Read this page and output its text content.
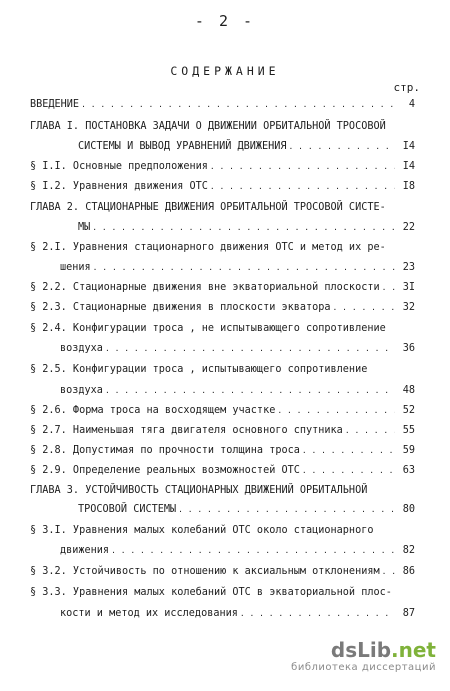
- 2 -
СОДЕРЖАНИЕ
стр.
ВВЕДЕНИЕ . . .	4
ГЛАВА I. ПОСТАНОВКА ЗАДАЧИ О ДВИЖЕНИИ ОРБИТАЛЬНОЙ ТРОСОВОЙ
СИСТЕМЫ И ВЫВОД УРАВНЕНИЙ ДВИЖЕНИЯ . . .	I4
§ I.I. Основные предположения . . .	I4
§ I.2. Уравнения движения ОТС . . .	I8
ГЛАВА 2. СТАЦИОНАРНЫЕ ДВИЖЕНИЯ ОРБИТАЛЬНОЙ ТРОСОВОЙ СИСТЕ-
МЫ . . .	22
§ 2.I. Уравнения стационарного движения ОТС и метод их ре-
шения . . .	23
§ 2.2. Стационарные движения вне экваториальной плоскости . . .	3I
§ 2.3. Стационарные движения в плоскости экватора . . .	32
§ 2.4. Конфигурации троса , не испытывающего сопротивление
воздуха . . .	36
§ 2.5. Конфигурации троса , испытывающего сопротивление
воздуха . . .	48
§ 2.6. Форма троса на восходящем участке . . .	52
§ 2.7. Наименьшая тяга двигателя основного спутника . . .	55
§ 2.8. Допустимая по прочности толщина троса . . .	59
§ 2.9. Определение реальных возможностей ОТС . . .	63
ГЛАВА 3. УСТОЙЧИВОСТЬ СТАЦИОНАРНЫХ ДВИЖЕНИЙ ОРБИТАЛЬНОЙ
ТРОСОВОЙ СИСТЕМЫ . . .	80
§ 3.I. Уравнения малых колебаний ОТС около стационарного
движения . . .	82
§ 3.2. Устойчивость по отношению к аксиальным отклонениям . . .	86
§ 3.3. Уравнения малых колебаний ОТС в экваториальной плос-
кости и метод их исследования . . .	87
dsLib.net
библиотека диссертаций
